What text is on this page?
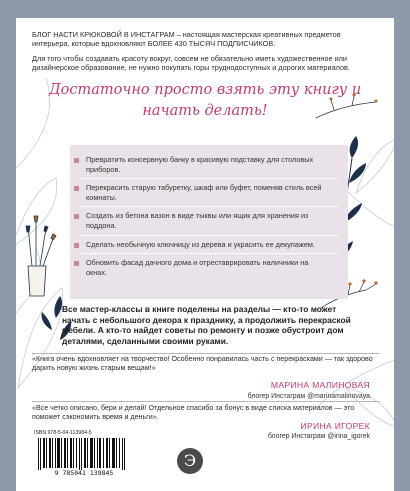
БЛОГ НАСТИ КРЮКОВОЙ В ИНСТАГРАМ – настоящая мастерская креативных предметов интерьера, которые вдохновляют БОЛЕЕ 430 ТЫСЯЧ ПОДПИСЧИКОВ.
Для того чтобы создавать красоту вокруг, совсем не обязательно иметь художественное или дизайнерское образование, не нужно покупать горы труднодоступных и дорогих материалов.
Достаточно просто взять эту книгу и начать делать!
Превратить консервную банку в красивую подставку для столовых приборов.
Перекрасить старую табуретку, шкаф или буфет, поменяв стиль всей комнаты.
Создать из бетона вазон в виде тыквы или ящик для хранения из поддона.
Сделать необычную ключницу из дерева и украсить ее декупажем.
Обновить фасад дачного дома и отреставрировать наличники на окнах.
Все мастер-классы в книге поделены на разделы — кто-то может начать с небольшого декора к празднику, а продолжить перекраской мебели. А кто-то найдет советы по ремонту и позже обустроит дом деталями, сделанными своими руками.
«Книга очень вдохновляет на творчество! Особенно понравилась часть с перекрасками — так здорово дарить новую жизнь старым вещам!»
МАРИНА МАЛИНОВАЯ
блогер Инстаграм @marinamalinovaya
«Все четко описано, бери и делай! Отдельное спасибо за бонус в виде списка материалов — это поможет сэкономить время и деньги».
ИРИНА ИГОРЕК
блогер Инстаграм @irina_igorek
ISBN 978-5-04-113984-5
9 785041 139845
Э
